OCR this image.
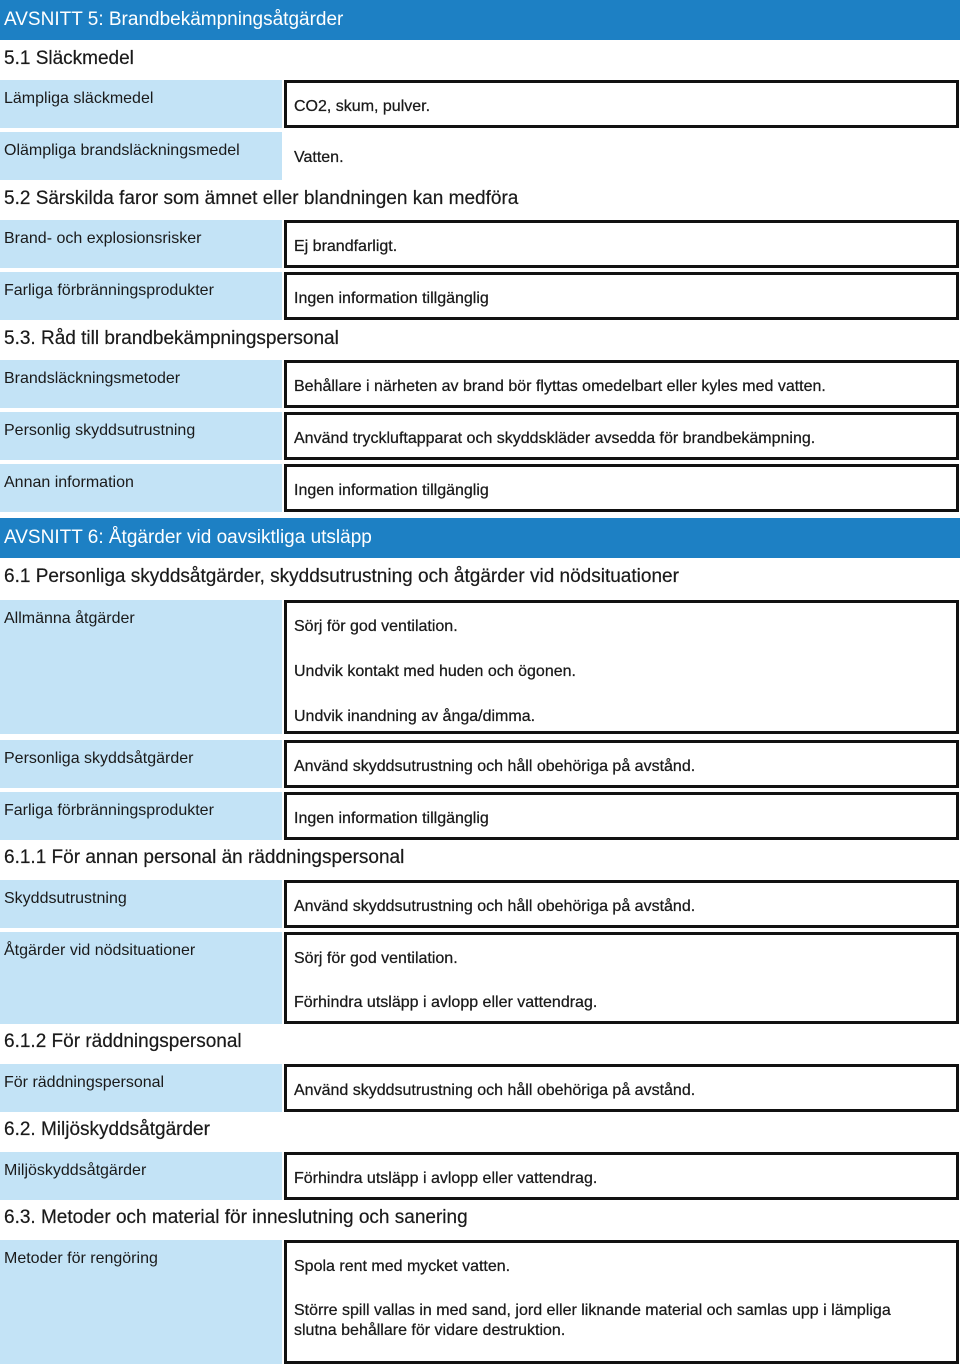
AVSNITT 5: Brandbekämpningsåtgärder
5.1 Släckmedel
Lämpliga släckmedel	CO2, skum, pulver.
Olämpliga brandsläckningsmedel	Vatten.
5.2 Särskilda faror som ämnet eller blandningen kan medföra
Brand- och explosionsrisker	Ej brandfarligt.
Farliga förbränningsprodukter	Ingen information tillgänglig
5.3. Råd till brandbekämpningspersonal
Brandsläckningsmetoder	Behållare i närheten av brand bör flyttas omedelbart eller kyles med vatten.
Personlig skyddsutrustning	Använd tryckluftapparat och skyddskläder avsedda för brandbekämpning.
Annan information	Ingen information tillgänglig
AVSNITT 6: Åtgärder vid oavsiktliga utsläpp
6.1 Personliga skyddsåtgärder, skyddsutrustning och åtgärder vid nödsituationer
Allmänna åtgärder	Sörj för god ventilation.
Undvik kontakt med huden och ögonen.
Undvik inandning av ånga/dimma.
Personliga skyddsåtgärder	Använd skyddsutrustning och håll obehöriga på avstånd.
Farliga förbränningsprodukter	Ingen information tillgänglig
6.1.1 För annan personal än räddningspersonal
Skyddsutrustning	Använd skyddsutrustning och håll obehöriga på avstånd.
Åtgärder vid nödsituationer	Sörj för god ventilation.
Förhindra utsläpp i avlopp eller vattendrag.
6.1.2 För räddningspersonal
För räddningspersonal	Använd skyddsutrustning och håll obehöriga på avstånd.
6.2. Miljöskyddsåtgärder
Miljöskyddsåtgärder	Förhindra utsläpp i avlopp eller vattendrag.
6.3. Metoder och material för inneslutning och sanering
Metoder för rengöring	Spola rent med mycket vatten.
Större spill vallas in med sand, jord eller liknande material och samlas upp i lämpliga slutna behållare för vidare destruktion.
